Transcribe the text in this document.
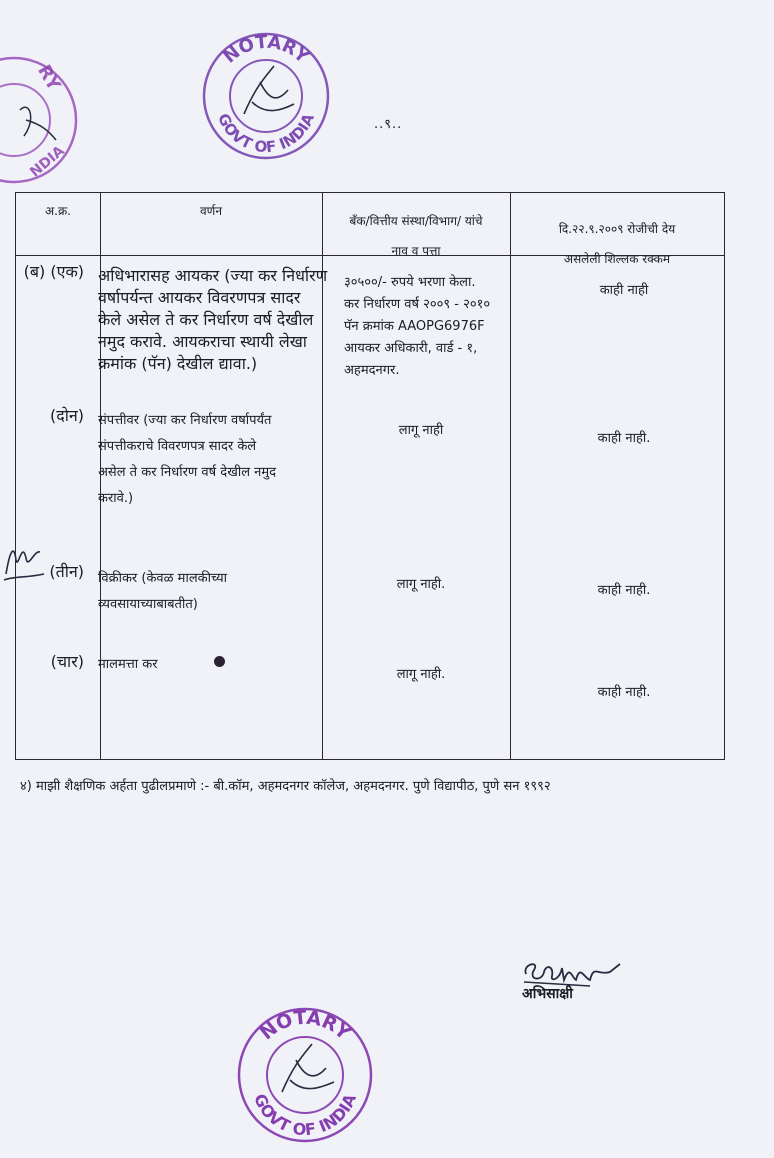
..९..
NOTARY
GOVT OF INDIA
RY
NDIA
अ.क्र.	वर्णन
बँक/वित्तीय संस्था/विभाग/ यांचे
नाव व पत्ता
दि.२२.९.२००९ रोजीची देय
असलेली शिल्लक रक्कम
(ब) (एक) अधिभारासह आयकर (ज्या कर निर्धारण
वर्षापर्यन्त आयकर विवरणपत्र सादर
केले असेल ते कर निर्धारण वर्ष देखील
नमुद करावे. आयकराचा स्थायी लेखा
क्रमांक (पॅन) देखील द्यावा.)
३०५००/- रुपये भरणा केला.
कर निर्धारण वर्ष २००९ - २०१०
पॅन क्रमांक AAOPG6976F
आयकर अधिकारी, वार्ड - १,
अहमदनगर.
काही नाही
(दोन) संपत्तीवर (ज्या कर निर्धारण वर्षापर्यंत
संपत्तीकराचे विवरणपत्र सादर केले
असेल ते कर निर्धारण वर्ष देखील नमुद
करावे.)
लागू नाही
काही नाही.
(तीन) विक्रीकर (केवळ मालकीच्या
व्यवसायाच्याबाबतीत)
लागू नाही.	काही नाही.
(चार) मालमत्ता कर
लागू नाही.
काही नाही.
४) माझी शैक्षणिक अर्हता पुढीलप्रमाणे :- बी.कॉम, अहमदनगर कॉलेज, अहमदनगर. पुणे विद्यापीठ, पुणे सन १९९२
अभिसाक्षी
NOTARY
GOVT OF INDIA
